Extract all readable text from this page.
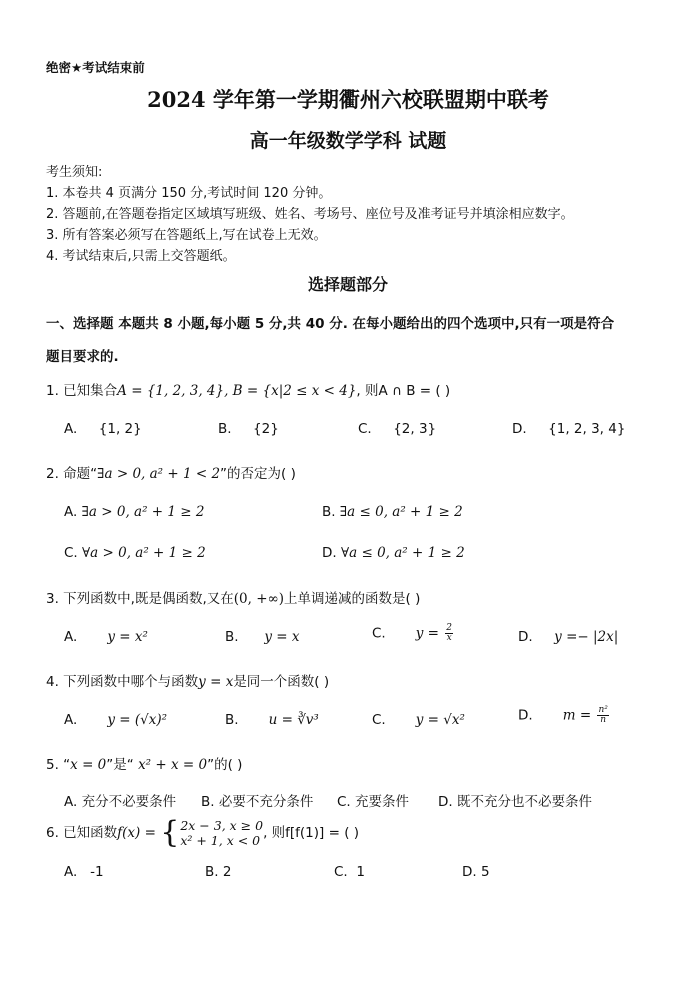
绝密★考试结束前
2024 学年第一学期衢州六校联盟期中联考
高一年级数学学科 试题
考生须知:
1. 本卷共 4 页满分 150 分,考试时间 120 分钟。
2. 答题前,在答题卷指定区域填写班级、姓名、考场号、座位号及准考证号并填涂相应数字。
3. 所有答案必须写在答题纸上,写在试卷上无效。
4. 考试结束后,只需上交答题纸。
选择题部分
一、选择题 本题共 8 小题,每小题 5 分,共 40 分. 在每小题给出的四个选项中,只有一项是符合
题目要求的.
1. 已知集合A = {1, 2, 3, 4}, B = {x|2 ≤ x < 4}, 则A ∩ B = ( )
A. {1, 2}	B. {2}	C. {2, 3}	D. {1, 2, 3, 4}
2. 命题“∃a > 0, a² + 1 < 2”的否定为( )
A. ∃a > 0, a² + 1 ≥ 2	B. ∃a ≤ 0, a² + 1 ≥ 2
C. ∀a > 0, a² + 1 ≥ 2	D. ∀a ≤ 0, a² + 1 ≥ 2
3. 下列函数中,既是偶函数,又在(0, +∞)上单调递减的函数是( )
A. y = x²	B. y = x	C. $y = \frac{2}{x}$	D. y =− |2x|
4. 下列函数中哪个与函数y = x是同一个函数( )
A. y = (√x)²	B. u = ∛v³	C. y = √x²	D. $m = \frac{\text{n²}}{n}$
5. “x = 0”是“ x² + x = 0”的( )
A. 充分不必要条件 B. 必要不充分条件 C. 充要条件 D. 既不充分也不必要条件
6. 已知函数f(x) = { 2x − 3, x ≥ 0
x² + 1, x < 0 , 则f[f(1)] = ( )
A. -1	B. 2	C. 1	D. 5
